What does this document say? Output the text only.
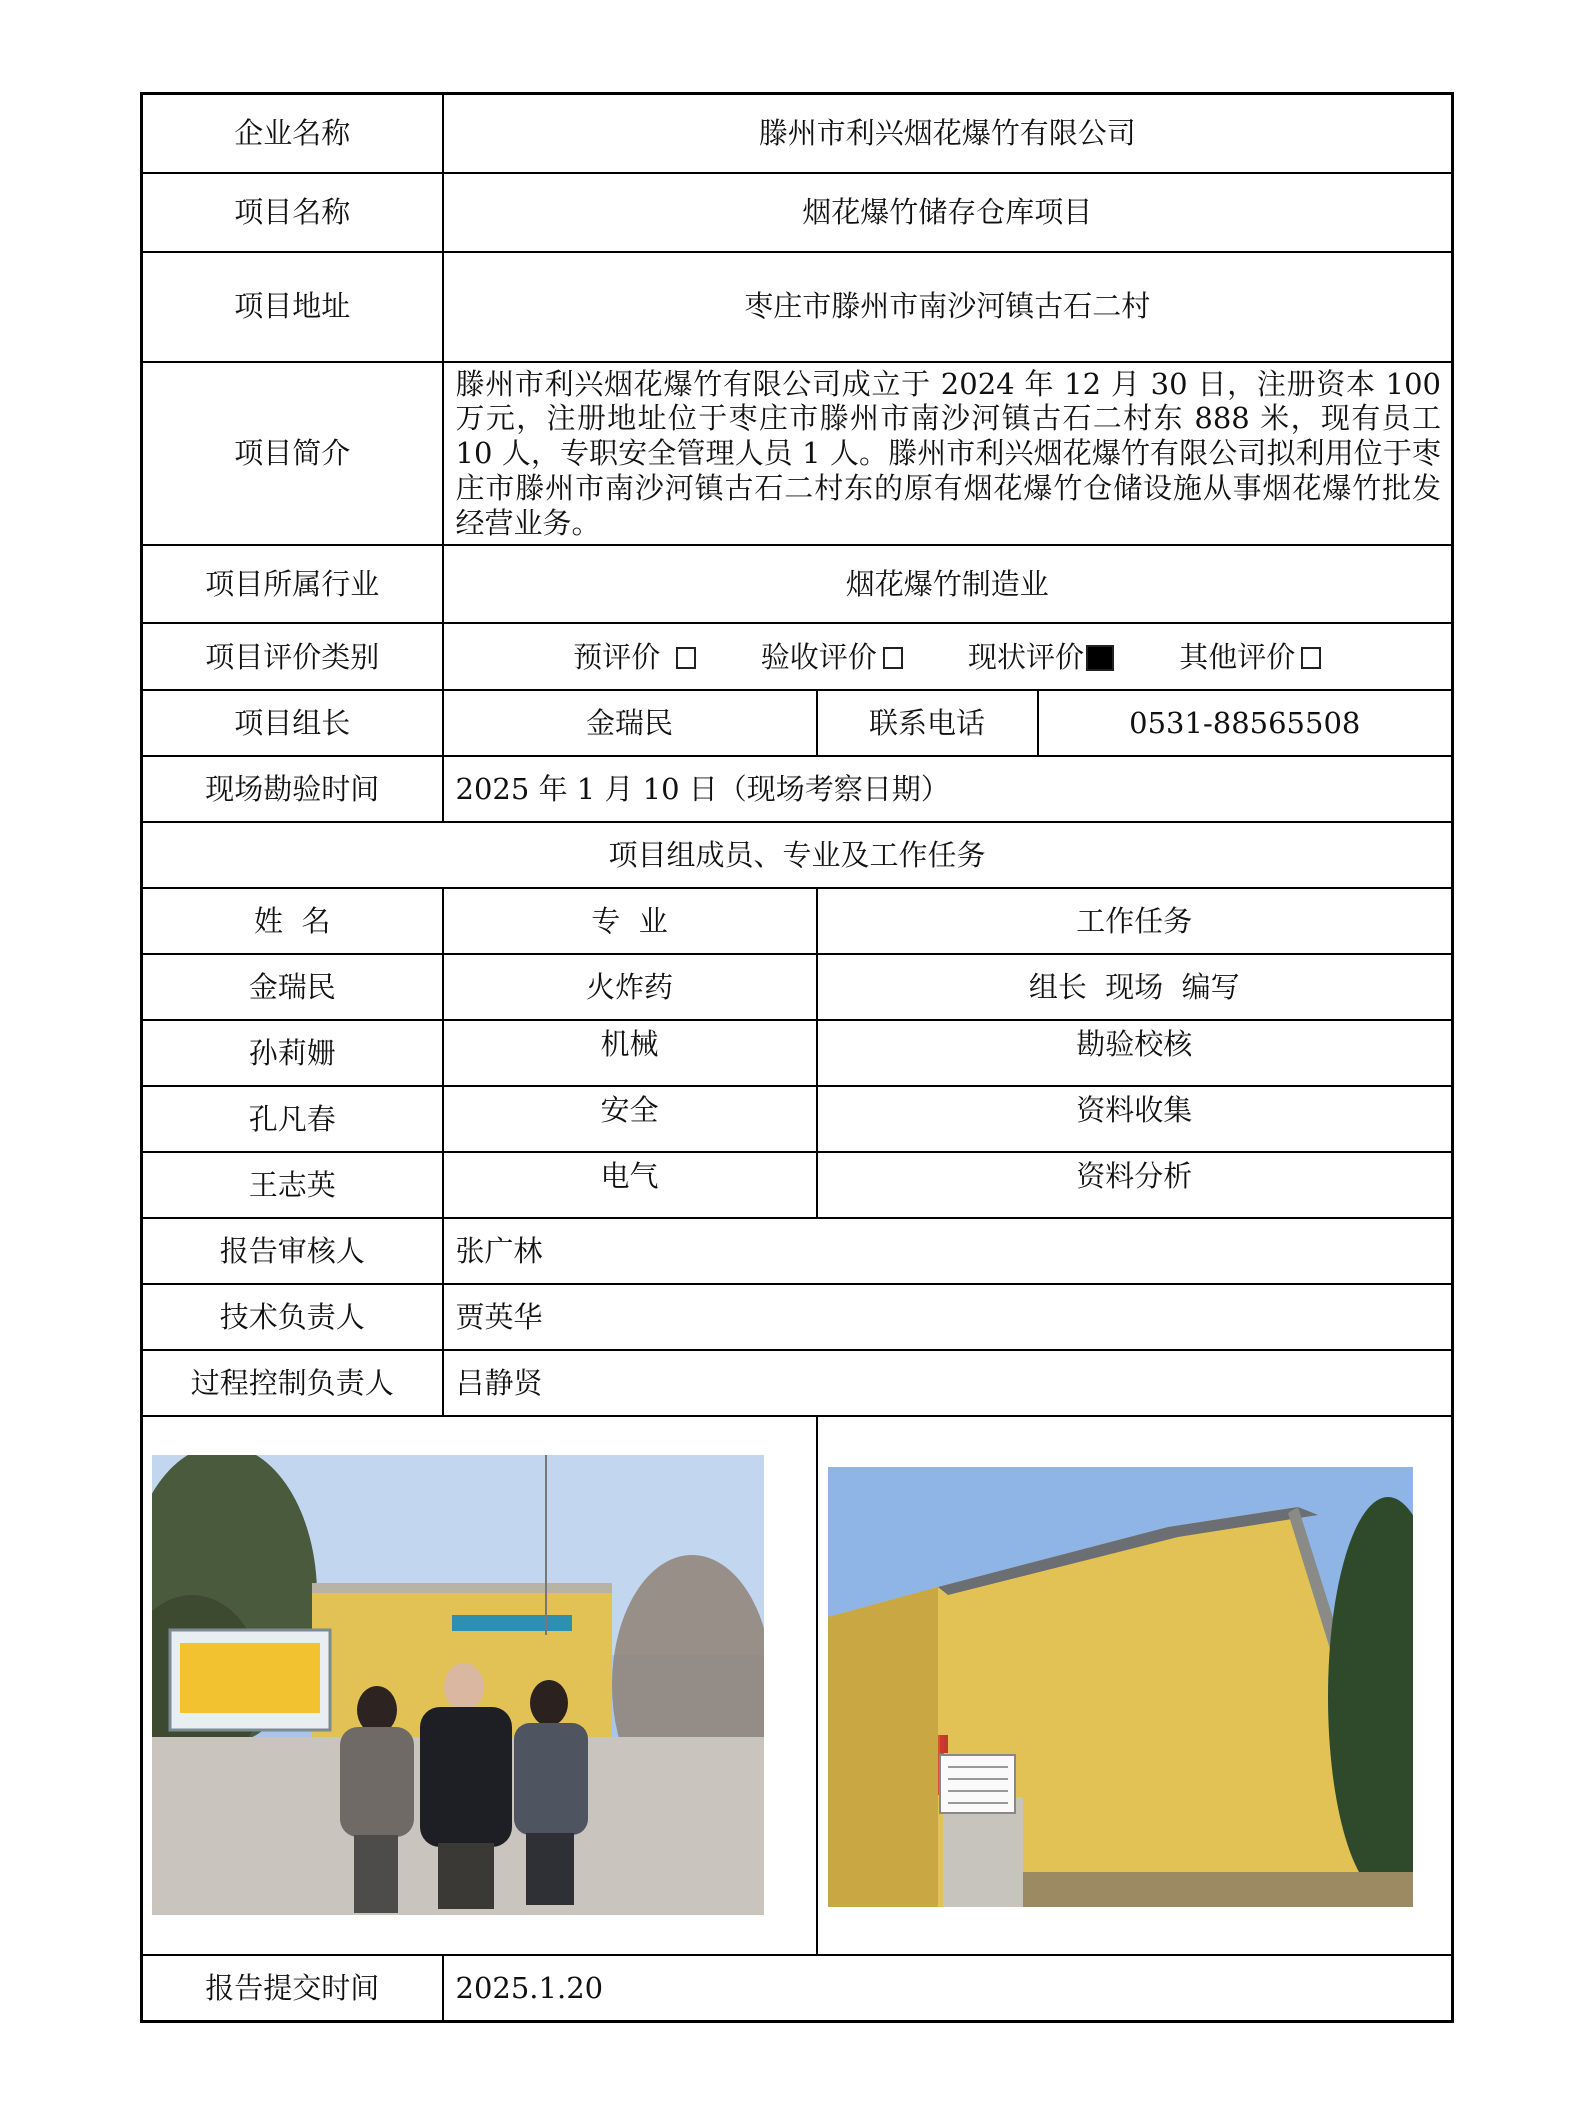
企业名称	滕州市利兴烟花爆竹有限公司		
项目名称	烟花爆竹储存仓库项目		
项目地址	枣庄市滕州市南沙河镇古石二村		
项目简介	滕州市利兴烟花爆竹有限公司成立于 2024 年 12 月 30 日，注册资本 100 万元，注册地址位于枣庄市滕州市南沙河镇古石二村东 888 米，现有员工 10 人，专职安全管理人员 1 人。滕州市利兴烟花爆竹有限公司拟利用位于枣庄市滕州市南沙河镇古石二村东的原有烟花爆竹仓储设施从事烟花爆竹批发经营业务。		
项目所属行业	烟花爆竹制造业		
项目评价类别	预评价 验收评价 现状评价 其他评价		
项目组长	金瑞民	联系电话	0531-88565508
现场勘验时间	2025 年 1 月 10 日（现场考察日期）		
项目组成员、专业及工作任务			
姓  名	专  业	工作任务	
金瑞民	火炸药	组长  现场  编写	
孙莉姗	机械	勘验校核	
孔凡春	安全	资料收集	
王志英	电气	资料分析	
报告审核人	张广林		
技术负责人	贾英华		
过程控制负责人	吕静贤		

报告提交时间	2025.1.20		
